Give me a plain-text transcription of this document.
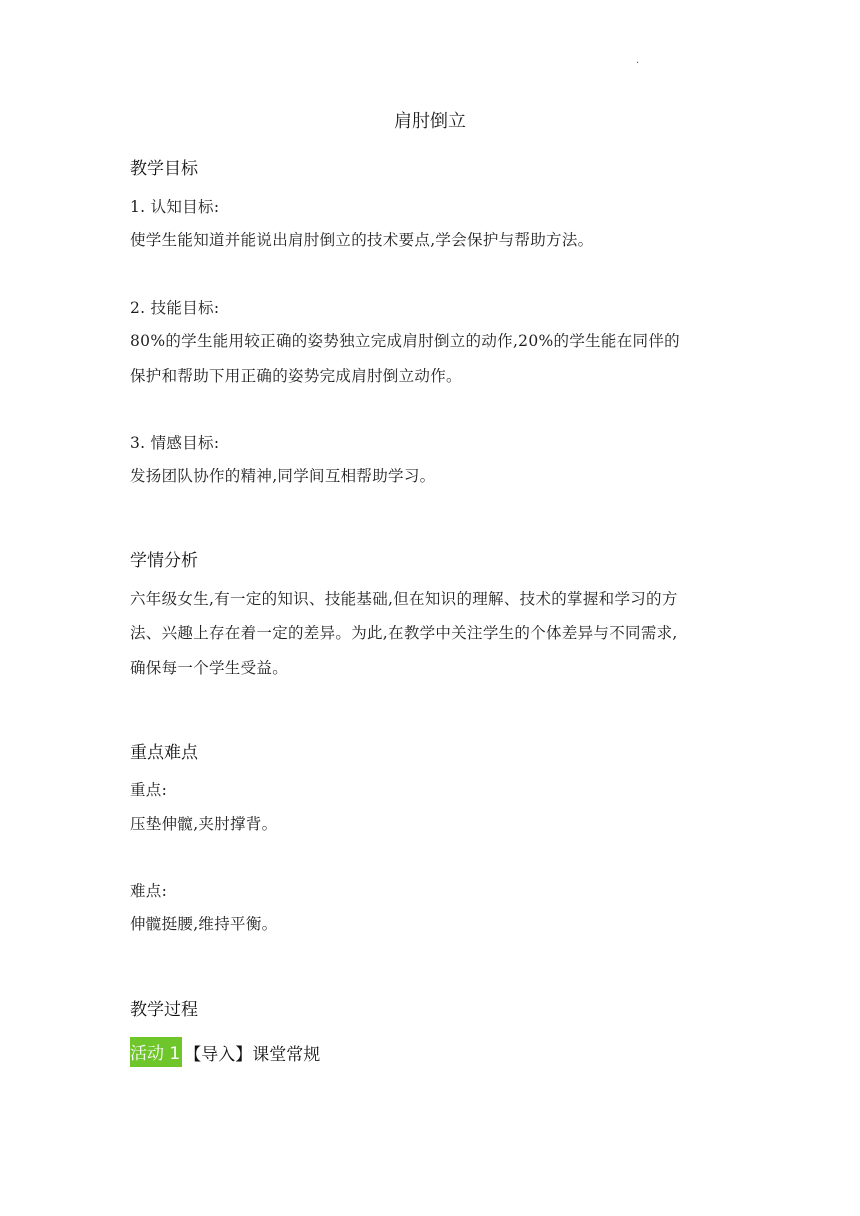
·
肩肘倒立
教学目标
1. 认知目标:
使学生能知道并能说出肩肘倒立的技术要点,学会保护与帮助方法。
2. 技能目标:
80%的学生能用较正确的姿势独立完成肩肘倒立的动作,20%的学生能在同伴的
保护和帮助下用正确的姿势完成肩肘倒立动作。
3. 情感目标:
发扬团队协作的精神,同学间互相帮助学习。
学情分析
六年级女生,有一定的知识、技能基础,但在知识的理解、技术的掌握和学习的方
法、兴趣上存在着一定的差异。为此,在教学中关注学生的个体差异与不同需求,
确保每一个学生受益。
重点难点
重点:
压垫伸髋,夹肘撑背。
难点:
伸髋挺腰,维持平衡。
教学过程
活动 1 【导入】课堂常规
